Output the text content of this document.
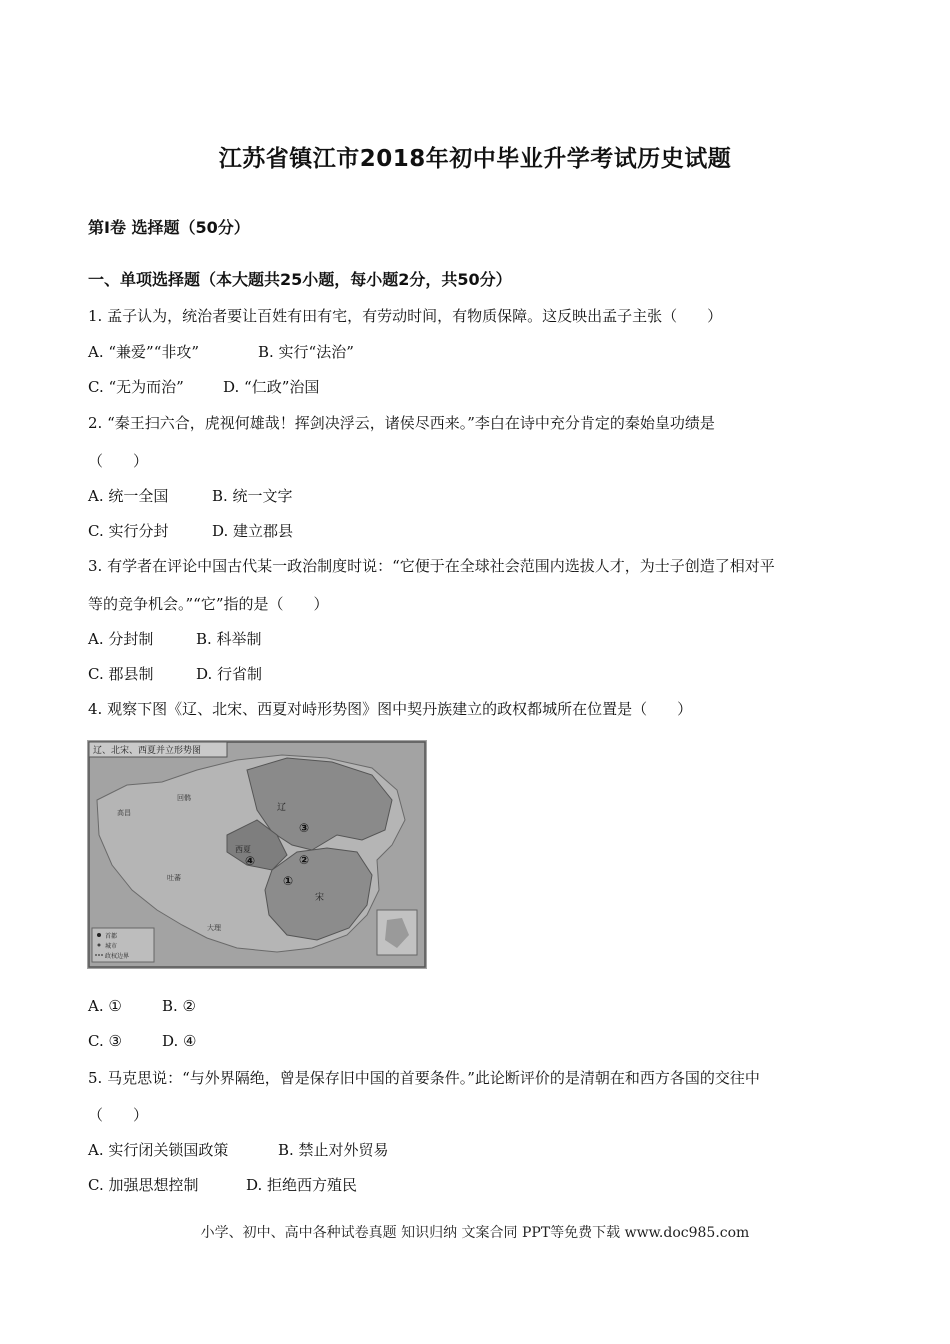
江苏省镇江市2018年初中毕业升学考试历史试题
第I卷 选择题（50分）
一、单项选择题（本大题共25小题，每小题2分，共50分）
1. 孟子认为，统治者要让百姓有田有宅，有劳动时间，有物质保障。这反映出孟子主张（　　）
A. “兼爱”“非攻”	B. 实行“法治”
C. “无为而治”	D. “仁政”治国
2. “秦王扫六合，虎视何雄哉！挥剑决浮云，诸侯尽西来。”李白在诗中充分肯定的秦始皇功绩是
（　　）
A. 统一全国	B. 统一文字
C. 实行分封	D. 建立郡县
3. 有学者在评论中国古代某一政治制度时说：“它便于在全球社会范围内选拔人才，为士子创造了相对平
等的竞争机会。”“它”指的是（　　）
A. 分封制	B. 科举制
C. 郡县制	D. 行省制
4. 观察下图《辽、北宋、西夏对峙形势图》图中契丹族建立的政权都城所在位置是（　　）
辽、北宋、西夏并立形势图
辽
西夏
宋
大理
吐蕃
高昌
回鹘
①
②
③
④
首都
城市
政权边界
A. ①	B. ②
C. ③	D. ④
5. 马克思说：“与外界隔绝，曾是保存旧中国的首要条件。”此论断评价的是清朝在和西方各国的交往中
（　　）
A. 实行闭关锁国政策	B. 禁止对外贸易
C. 加强思想控制	D. 拒绝西方殖民
小学、初中、高中各种试卷真题 知识归纳 文案合同 PPT等免费下载 www.doc985.com
